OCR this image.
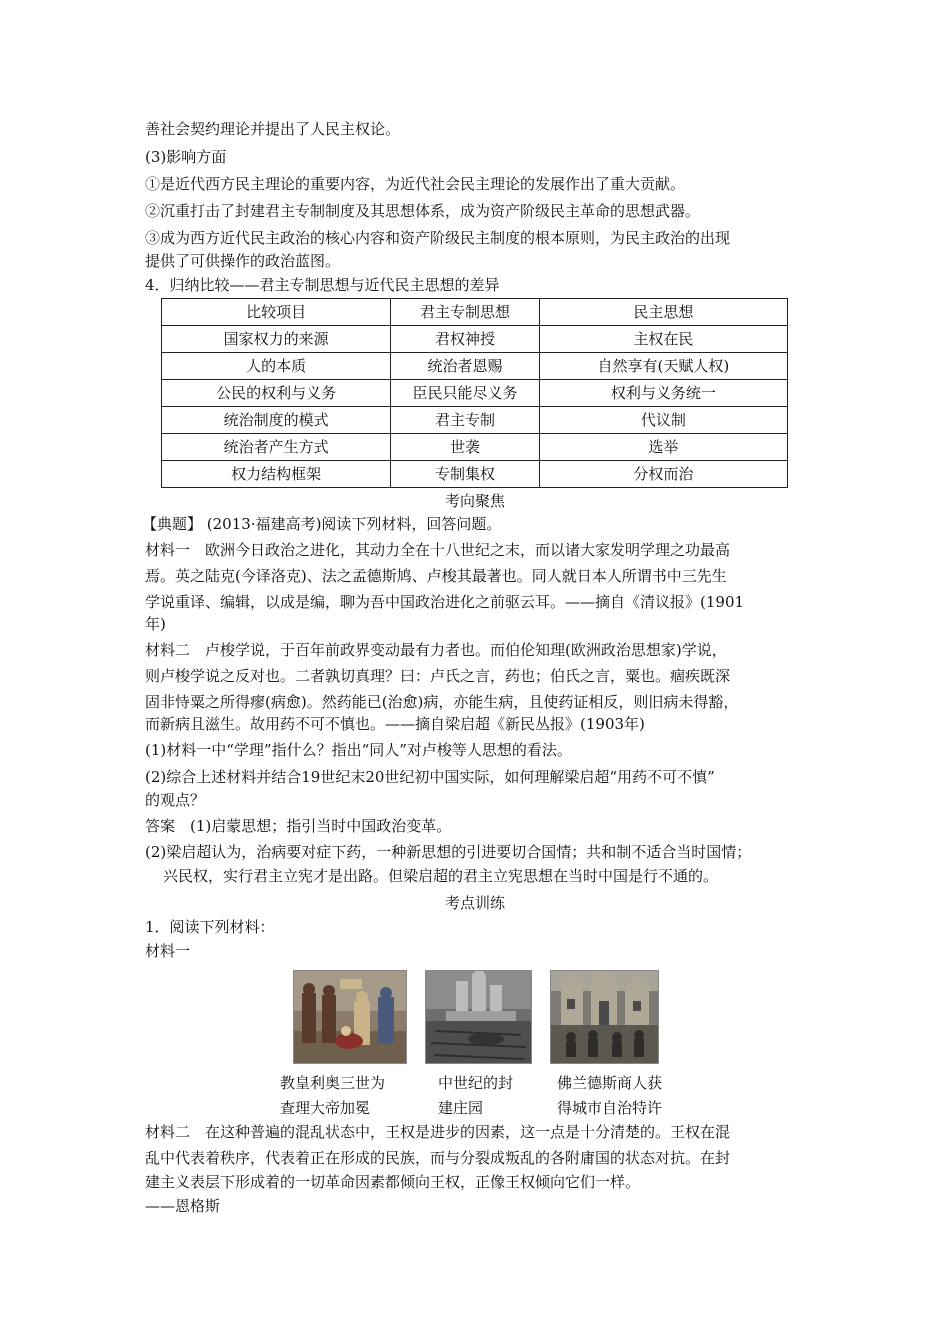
善社会契约理论并提出了人民主权论。
(3)影响方面
①是近代西方民主理论的重要内容，为近代社会民主理论的发展作出了重大贡献。
②沉重打击了封建君主专制制度及其思想体系，成为资产阶级民主革命的思想武器。
③成为西方近代民主政治的核心内容和资产阶级民主制度的根本原则，为民主政治的出现
提供了可供操作的政治蓝图。
4．归纳比较——君主专制思想与近代民主思想的差异
比较项目	君主专制思想	民主思想
国家权力的来源	君权神授	主权在民
人的本质	统治者恩赐	自然享有(天赋人权)
公民的权利与义务	臣民只能尽义务	权利与义务统一
统治制度的模式	君主专制	代议制
统治者产生方式	世袭	选举
权力结构框架	专制集权	分权而治
考向聚焦
【典题】 (2013·福建高考)阅读下列材料，回答问题。
材料一　欧洲今日政治之进化，其动力全在十八世纪之末，而以诸大家发明学理之功最高
焉。英之陆克(今译洛克)、法之孟德斯鸠、卢梭其最著也。同人就日本人所谓书中三先生
学说重译、编辑，以成是编，聊为吾中国政治进化之前驱云耳。——摘自《清议报》(1901
年)
材料二　卢梭学说，于百年前政界变动最有力者也。而伯伦知理(欧洲政治思想家)学说，
则卢梭学说之反对也。二者孰切真理？曰：卢氏之言，药也；伯氏之言，粟也。痼疾既深
固非恃粟之所得瘳(病愈)。然药能已(治愈)病，亦能生病，且使药证相反，则旧病未得豁，
而新病且滋生。故用药不可不慎也。——摘自梁启超《新民丛报》(1903年)
(1)材料一中“学理”指什么？指出“同人”对卢梭等人思想的看法。
(2)综合上述材料并结合19世纪末20世纪初中国实际，如何理解梁启超“用药不可不慎”
的观点？
答案　(1)启蒙思想；指引当时中国政治变革。
(2)梁启超认为，治病要对症下药，一种新思想的引进要切合国情；共和制不适合当时国情；
兴民权，实行君主立宪才是出路。但梁启超的君主立宪思想在当时中国是行不通的。
考点训练
1．阅读下列材料：
材料一
教皇利奥三世为
查理大帝加冕
中世纪的封
建庄园
佛兰德斯商人获
得城市自治特许
材料二　在这种普遍的混乱状态中，王权是进步的因素，这一点是十分清楚的。王权在混
乱中代表着秩序，代表着正在形成的民族，而与分裂成叛乱的各附庸国的状态对抗。在封
建主义表层下形成着的一切革命因素都倾向王权，正像王权倾向它们一样。
——恩格斯
